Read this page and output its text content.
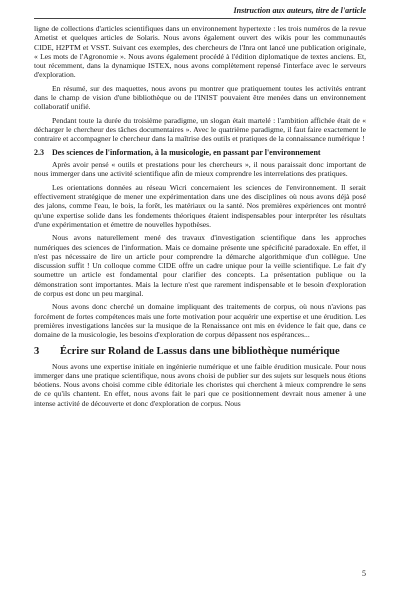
Instruction aux auteurs, titre de l'article

ligne de collections d'articles scientifiques dans un environnement hypertexte : les trois numéros de la revue Ametist et quelques articles de Solaris. Nous avons également ouvert des wikis pour les communautés CIDE, H2PTM et VSST. Suivant ces exemples, des chercheurs de l'Inra ont lancé une publication originale, « Les mots de l'Agronomie ». Nous avons également procédé à l'édition diplomatique de textes anciens. Et, tout récemment, dans la dynamique ISTEX, nous avons complètement repensé l'interface avec le serveurs d'exploration.

En résumé, sur des maquettes, nous avons pu montrer que pratiquement toutes les activités entrant dans le champ de vision d'une bibliothèque ou de l'INIST pouvaient être menées dans un environnement collaboratif unifié.

Pendant toute la durée du troisième paradigme, un slogan était martelé : l'ambition affichée était de « décharger le chercheur des tâches documentaires ». Avec le quatrième paradigme, il faut faire exactement le contraire et accompagner le chercheur dans la maîtrise des outils et pratiques de la connaissance numérique !

2.3	Des sciences de l'information, à la musicologie, en passant par l'environnement

Après avoir pensé « outils et prestations pour les chercheurs », il nous paraissait donc important de nous immerger dans une activité scientifique afin de mieux comprendre les interrelations des pratiques.

Les orientations données au réseau Wicri concernaient les sciences de l'environnement. Il serait effectivement stratégique de mener une expérimentation dans une des disciplines où nous avons déjà posé des jalons, comme l'eau, le bois, la forêt, les matériaux ou la santé. Nos premières expériences ont montré qu'une expertise solide dans les fondements théoriques étaient indispensables pour interpréter les résultats d'une expérimentation et émettre de nouvelles hypothèses.

Nous avons naturellement mené des travaux d'investigation scientifique dans les approches numériques des sciences de l'information. Mais ce domaine présente une spécificité paradoxale. En effet, il n'est pas nécessaire de lire un article pour comprendre la démarche algorithmique d'un collègue. Une discussion suffit ! Un colloque comme CIDE offre un cadre unique pour la veille scientifique. Le fait d'y soumettre un article est fondamental pour clarifier des concepts. La présentation publique ou la démonstration sont importantes. Mais la lecture n'est que rarement indispensable et le besoin d'exploration de corpus est donc un peu marginal.

Nous avons donc cherché un domaine impliquant des traitements de corpus, où nous n'avions pas forcément de fortes compétences mais une forte motivation pour acquérir une expertise et une érudition. Les premières investigations lancées sur la musique de la Renaissance ont mis en évidence le fait que, dans ce domaine de la musicologie, les besoins d'exploration de corpus dépassent nos espérances...

3	Écrire sur Roland de Lassus dans une bibliothèque numérique

Nous avons une expertise initiale en ingénierie numérique et une faible érudition musicale. Pour nous immerger dans une pratique scientifique, nous avons choisi de publier sur des sujets sur lesquels nous étions béotiens. Nous avons choisi comme cible éditoriale les choristes qui cherchent à mieux comprendre le sens de ce qu'ils chantent. En effet, nous avons fait le pari que ce positionnement devrait nous amener à une intense activité de découverte et donc d'exploration de corpus. Nous

5
